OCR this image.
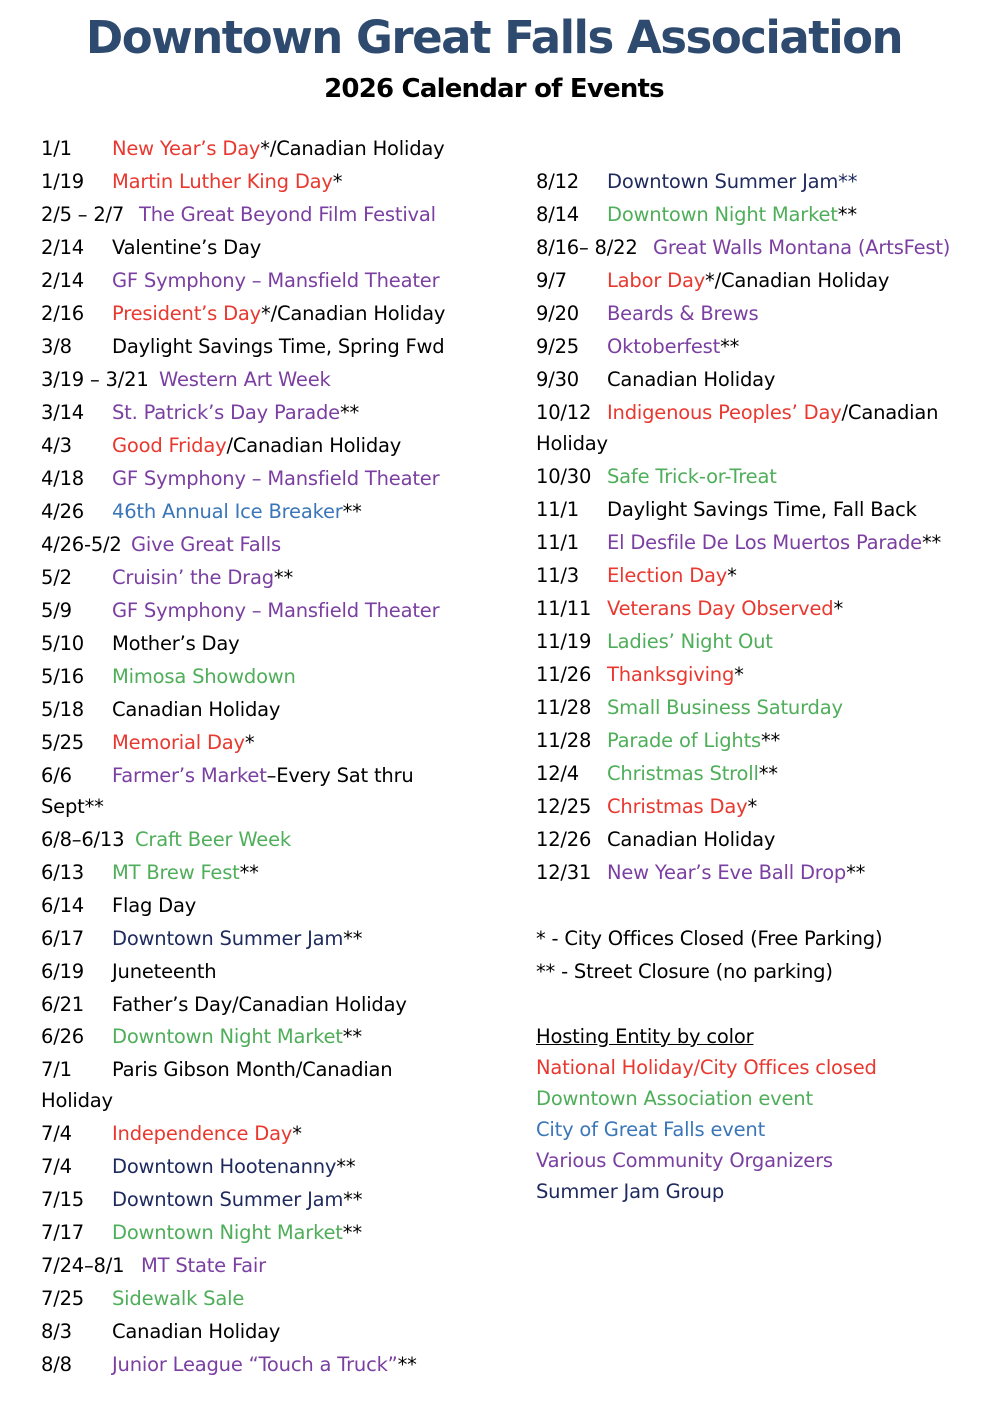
Downtown Great Falls Association
2026 Calendar of Events
1/1 New Year’s Day*/Canadian Holiday
1/19 Martin Luther King Day*
2/5 – 2/7 The Great Beyond Film Festival
2/14 Valentine’s Day
2/14 GF Symphony – Mansfield Theater
2/16 President’s Day*/Canadian Holiday
3/8 Daylight Savings Time, Spring Fwd
3/19 – 3/21 Western Art Week
3/14 St. Patrick’s Day Parade**
4/3 Good Friday/Canadian Holiday
4/18 GF Symphony – Mansfield Theater
4/26 46th Annual Ice Breaker**
4/26-5/2 Give Great Falls
5/2 Cruisin’ the Drag**
5/9 GF Symphony – Mansfield Theater
5/10 Mother’s Day
5/16 Mimosa Showdown
5/18 Canadian Holiday
5/25 Memorial Day*
6/6 Farmer’s Market–Every Sat thru Sept**
6/8–6/13 Craft Beer Week
6/13 MT Brew Fest**
6/14 Flag Day
6/17 Downtown Summer Jam**
6/19 Juneteenth
6/21 Father’s Day/Canadian Holiday
6/26 Downtown Night Market**
7/1 Paris Gibson Month/Canadian Holiday
7/4 Independence Day*
7/4 Downtown Hootenanny**
7/15 Downtown Summer Jam**
7/17 Downtown Night Market**
7/24–8/1 MT State Fair
7/25 Sidewalk Sale
8/3 Canadian Holiday
8/8 Junior League “Touch a Truck”**
8/12 Downtown Summer Jam**
8/14 Downtown Night Market**
8/16– 8/22 Great Walls Montana (ArtsFest)
9/7 Labor Day*/Canadian Holiday
9/20 Beards & Brews
9/25 Oktoberfest**
9/30 Canadian Holiday
10/12 Indigenous Peoples’ Day/Canadian Holiday
10/30 Safe Trick-or-Treat
11/1 Daylight Savings Time, Fall Back
11/1 El Desfile De Los Muertos Parade**
11/3 Election Day*
11/11 Veterans Day Observed*
11/19 Ladies’ Night Out
11/26 Thanksgiving*
11/28 Small Business Saturday
11/28 Parade of Lights**
12/4 Christmas Stroll**
12/25 Christmas Day*
12/26 Canadian Holiday
12/31 New Year’s Eve Ball Drop**
* - City Offices Closed (Free Parking)
** - Street Closure (no parking)
Hosting Entity by color
National Holiday/City Offices closed
Downtown Association event
City of Great Falls event
Various Community Organizers
Summer Jam Group
